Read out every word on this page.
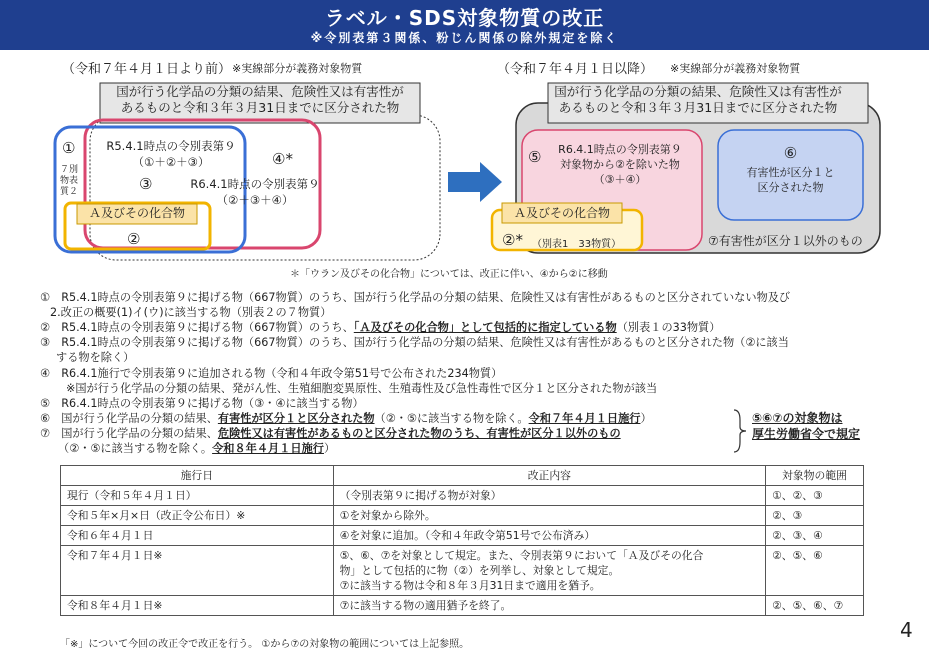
ラベル・SDS対象物質の改正
※令別表第３関係、粉じん関係の除外規定を除く
（令和７年４月１日より前） ※実線部分が義務対象物質
国が行う化学品の分類の結果、危険性又は有害性が
あるものと令和３年３月31日までに区分された物
①
７別
物表
質２
R5.4.1時点の令別表第９
（①＋②＋③）
③
④*
R6.4.1時点の令別表第９
（②＋③＋④）
Ａ及びその化合物
②
（令和７年４月１日以降） ※実線部分が義務対象物質
国が行う化学品の分類の結果、危険性又は有害性が
あるものと令和３年３月31日までに区分された物
⑤	R6.4.1時点の令別表第９
対象物から②を除いた物
（③＋④）
⑥
有害性が区分１と
区分された物
Ａ及びその化合物
②* （別表1　33物質）	⑦有害性が区分１以外のもの
＊「ウラン及びその化合物」については、改正に伴い、④から②に移動
①　 R5.4.1時点の令別表第９に掲げる物（667物質）のうち、国が行う化学品の分類の結果、危険性又は有害性があるものと区分されていない物及び
2.改正の概要(1)イ(ウ)に該当する物（別表２の７物質）
②　 R5.4.1時点の令別表第９に掲げる物（667物質）のうち、「Ａ及びその化合物」として包括的に指定している物（別表１の33物質）
③　 R5.4.1時点の令別表第９に掲げる物（667物質）のうち、国が行う化学品の分類の結果、危険性又は有害性があるものと区分された物（②に該当
する物を除く）
④　 R6.4.1施行で令別表第９に追加される物（令和４年政令第51号で公布された234物質）
※国が行う化学品の分類の結果、発がん性、生殖細胞変異原性、生殖毒性及び急性毒性で区分１と区分された物が該当
⑤　 R6.4.1時点の令別表第９に掲げる物（③・④に該当する物）
⑥　 国が行う化学品の分類の結果、有害性が区分１と区分された物（②・⑤に該当する物を除く。令和７年４月１日施行）
⑦　 国が行う化学品の分類の結果、危険性又は有害性があるものと区分された物のうち、有害性が区分１以外のもの
（②・⑤に該当する物を除く。令和８年４月１日施行）
⑤⑥⑦の対象物は
厚生労働省令で規定
施行日	改正内容	対象物の範囲
現行（令和５年４月１日）	（令別表第９に掲げる物が対象）	①、②、③
令和５年×月×日（改正令公布日）※	①を対象から除外。	②、③
令和６年４月１日	④を対象に追加。（令和４年政令第51号で公布済み）	②、③、④
令和７年４月１日※	⑤、⑥、⑦を対象として規定。また、令別表第９において「Ａ及びその化合
物」として包括的に物（②）を列挙し、対象として規定。
⑦に該当する物は令和８年３月31日まで適用を猶予。	②、⑤、⑥
令和８年４月１日※	⑦に該当する物の適用猶予を終了。	②、⑤、⑥、⑦
「※」について今回の改正令で改正を行う。 ①から⑦の対象物の範囲については上記参照。
4
